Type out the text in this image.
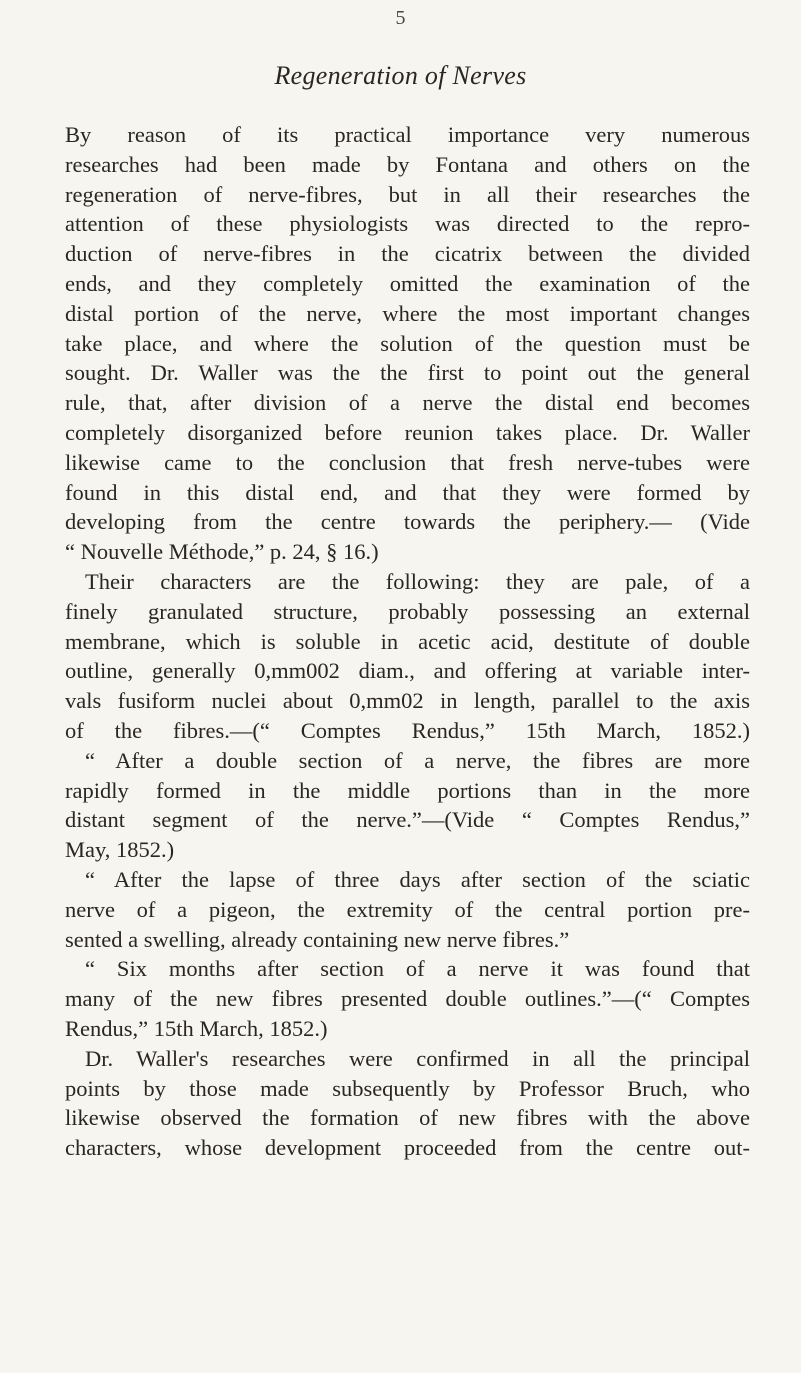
5
Regeneration of Nerves
By reason of its practical importance very numerous
researches had been made by Fontana and others on the
regeneration of nerve-fibres, but in all their researches the
attention of these physiologists was directed to the repro-
duction of nerve-fibres in the cicatrix between the divided
ends, and they completely omitted the examination of the
distal portion of the nerve, where the most important changes
take place, and where the solution of the question must be
sought. Dr. Waller was the the first to point out the general
rule, that, after division of a nerve the distal end becomes
completely disorganized before reunion takes place. Dr. Waller
likewise came to the conclusion that fresh nerve-tubes were
found in this distal end, and that they were formed by
developing from the centre towards the periphery.— (Vide
“ Nouvelle Méthode,” p. 24, § 16.)
Their characters are the following: they are pale, of a
finely granulated structure, probably possessing an external
membrane, which is soluble in acetic acid, destitute of double
outline, generally 0,mm002 diam., and offering at variable inter-
vals fusiform nuclei about 0,mm02 in length, parallel to the axis
of the fibres.—(“ Comptes Rendus,” 15th March, 1852.)
“ After a double section of a nerve, the fibres are more
rapidly formed in the middle portions than in the more
distant segment of the nerve.”—(Vide “ Comptes Rendus,”
May, 1852.)
“ After the lapse of three days after section of the sciatic
nerve of a pigeon, the extremity of the central portion pre-
sented a swelling, already containing new nerve fibres.”
“ Six months after section of a nerve it was found that
many of the new fibres presented double outlines.”—(“ Comptes
Rendus,” 15th March, 1852.)
Dr. Waller's researches were confirmed in all the principal
points by those made subsequently by Professor Bruch, who
likewise observed the formation of new fibres with the above
characters, whose development proceeded from the centre out-
